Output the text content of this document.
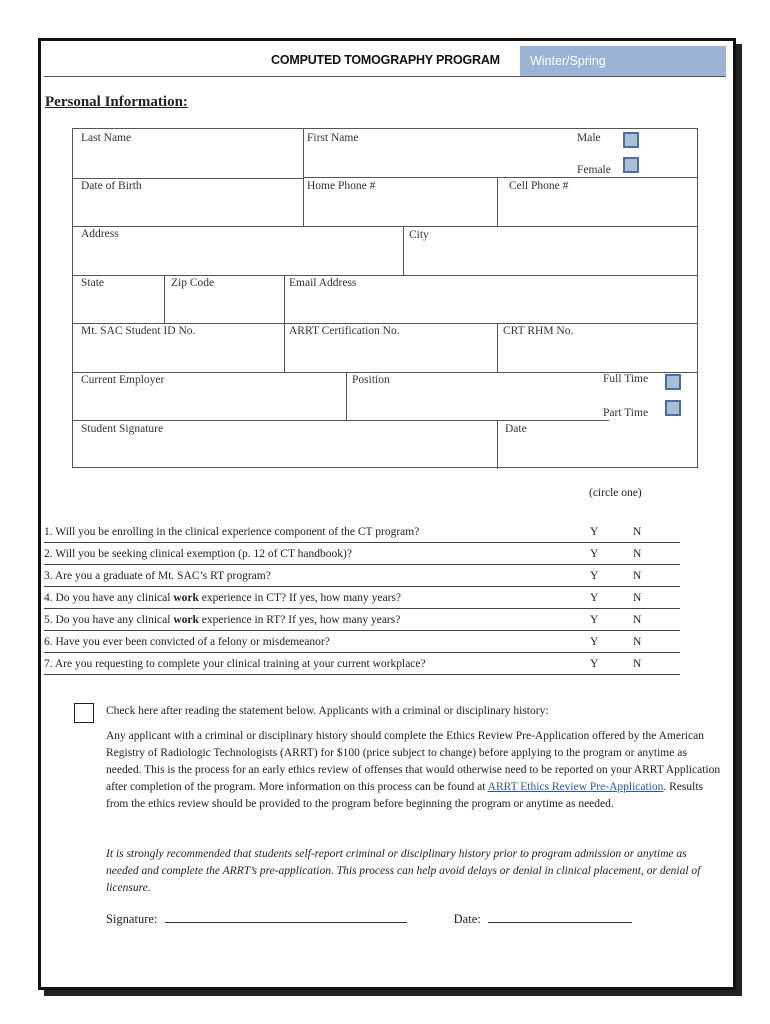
COMPUTED TOMOGRAPHY PROGRAM	Winter/Spring
Personal Information:
Last Name	First Name	Male
Female
Date of Birth	Home Phone #	Cell Phone #
Address	City
State	Zip Code	Email Address
Mt. SAC Student ID No.	ARRT Certification No.	CRT RHM No.
Current Employer	Position	Full Time
Part Time
Student Signature	Date
(circle one)
1. Will you be enrolling in the clinical experience component of the CT program?	Y	N
2. Will you be seeking clinical exemption (p. 12 of CT handbook)?	Y	N
3. Are you a graduate of Mt. SAC’s RT program?	Y	N
4. Do you have any clinical work experience in CT? If yes, how many years?	Y	N
5. Do you have any clinical work experience in RT? If yes, how many years?	Y	N
6. Have you ever been convicted of a felony or misdemeanor?	Y	N
7. Are you requesting to complete your clinical training at your current workplace?	Y	N
Check here after reading the statement below. Applicants with a criminal or disciplinary history:
Any applicant with a criminal or disciplinary history should complete the Ethics Review Pre-Application offered by the American Registry of Radiologic Technologists (ARRT) for $100 (price subject to change) before applying to the program or anytime as needed. This is the process for an early ethics review of offenses that would otherwise need to be reported on your ARRT Application after completion of the program. More information on this process can be found at ARRT Ethics Review Pre-Application. Results from the ethics review should be provided to the program before beginning the program or anytime as needed.
It is strongly recommended that students self-report criminal or disciplinary history prior to program admission or anytime as needed and complete the ARRT’s pre-application. This process can help avoid delays or denial in clinical placement, or denial of licensure.
Signature:	Date:
